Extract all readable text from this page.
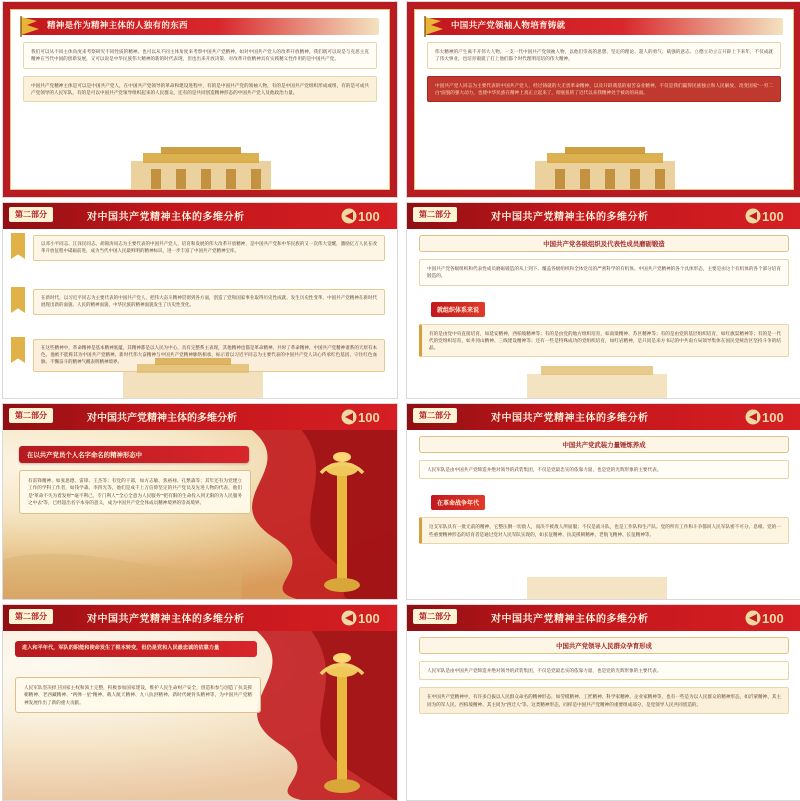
精神是作为精神主体的人独有的东西
我们可以从不同主体角度来考察研究不同性质的精神。也可以从不同主体角度来考察中国共产党精神。如对中国共产党人的改革开放精神。我们既可以说是与克思主克精神在当代中国的创新发展，又可以说是中华民族伟大精神的新的时代表现，但也出来开放决策、对改革开放精神具有实践精义性作用的是中国共产党。
中国共产党精神主体是可以是中国共产党人，在中国共产党领导的革命和建设进程中，有的是中国共产党的领袖人物，有的是中国共产党组织形成或组，有的是可成共产党领导的人民军队，有的是可以中国共产党领导组织起来的人民群众，还有的是共同创造精神形态的中国共产党人及他政治力量。
中国共产党领袖人物培育铸就
伟大精神的产生离不开伟大人物。一支一代中国共产党领袖人物，以他们崇高的思想、坚定的理论、超人的勇气、斌强的意志、立德立功立言开辟上下来年，不仅成就了伟大事业，也培育锻就了打上他们都个时代理明培培的伟大精神。
中国共产党人同志为主要代表的中国共产党人，经过铸就的大无畏革命精神，以及开辟奠基的艰苦奋业精神，不仅是我们赢得民族独立和人民解放、改变国家“一穷二白”面貌的强大动力，也使中华民族在精神上真正立起来了，彻底扭转了近代以来我精神处于被动的局面。
第二部分	对中国共产党精神主体的多维分析	100
以邓小平同志、江泽民同志、胡锦涛同志为主要代表的中国共产党人，培育和发展的伟大改革开放精神，是中国共产党和中华民族的又一次伟大觉醒，激励亿万人民在改革开放征程中砥砺前进，成为当代中国人民最鲜明的精神标识，进一步丰富了中国共产党精神宝库。
在新时代，以习近平同志为主要代表的中国共产党人，把伟大奋斗精神贯彻到各方面，创造了党和国家事业取得历史性成就、发生历史性变革，中国共产党精神在新时代展现出新的面貌、人民的精神面貌、中华民族的精神面貌发生了历史性变化。
在这些精神中，革命精神是基本精神底蕴，其精神都是以人民为中心，具有完整系主表现，其他精神也都是革命精神、共时了革命精神、中国共产党精神谱系的天原有本色。他被不能称其为中国共产党精神。新时代伟大奋精神与中国共产党精神脉络相承，标示着以习近平同志为主要代表的中国共产党人决心传承红色基因、守住红色血脉、不懈奋斗的精神气概表明精神境界。
第二部分	对中国共产党精神主体的多维分析	100
中国共产党各级组织及代表性成员磨砺锻造
中国共产党各级组织和代表性成员磨砺锻造的从上到下、覆盖各级组织和全体党员的严密科学的有机体。中国共产党精神的各个具体形态，主要是由这个有机体的各个部分培育锻造的。
就组织体系来说
有的是由党中央直接培育，如延安精神、西柏坡精神等；有的是由党的地方组织培育，如南梁精神、苏区精神等；有的是由党的基层组织培育，如红旗渠精神等；有的是一代代的党组织培育，如井冈山精神、三线建设精神等；还有一些是特殊成功的党组织培育，如红岩精神，是只同是来方书记的中共南方局领导集体在国民党统治区坚持斗争的结晶。
第二部分	对中国共产党精神主体的多维分析	100
在以共产党员个人名字命名的精神形态中
有雷锋精神、如张思德、雷锋、王杰等；有党的干部，如方志敏、焦裕禄、孔繁森等；其年还有为党建立工作的学科工作者，如钱学森、李四光等。他们是成千上万信仰坚定的共产党员及先进人物的代表，他们是“革命不失为着发财”“毫不利己，专门利人”“全心全意为人民服务”“把有限的生命投入到无限的为人民服务之中去”等，已经超出名字本身的意义，成为中国共产党全体成员精神境界的崇高境界。
第二部分	对中国共产党精神主体的多维分析	100
中国共产党武装力量锤炼养成
人民军队是由中国共产党缔造并绝对领导的武装集团，不仅是党最忠实的依靠力量，也是党的光辉形象的主要代表。
在革命战争年代
这支军队具有一批无前的精神，它整压倒一切敌人，而决不被敌人所屈服；不仅是战斗队，也是工作队和生产队。党的所有工作和斗争都同人民军队密不可分、息相。党的一些重要精神形态的培育者是通过党对人民军队实现的，如长征精神、抗美援朝精神、老航飞精神、长征精神等。
第二部分	对中国共产党精神主体的多维分析	100
进入和平年代，军队的职能和使命发生了根本转变，但仍是党和人民最忠诚的依靠力量
人民军队坚决捍卫国家主权和领土完整，积极参加国家建设，维护人民生命财产安全，创造和参与创造了抗美援朝精神、老西藏精神、“两弹一星”精神、载人航天精神、九八抗洪精神、新时代硬骨头精神等，为中国共产党精神发展作出了新的重大贡献。
第二部分	对中国共产党精神主体的多维分析	100
中国共产党领导人民群众孕育形成
人民军队是由中国共产党缔造并绝对领导的武装集团，不仅是党最忠实的依靠力量，也是党的光辉形象的主要代表。
在中国共产党精神中，有许多自拔以人民群众命名的精神形态，如劳模精神、工匠精神、科学家精神、企业家精神等，也有一些是为以人民群众的精神形态，如沂蒙精神、其主同为的军人民、西柏坡精神、其主同为“西迁人”等。这类精神形态，同样是中国共产党精神的重要组成部分，是党领导人民共同创造的。
